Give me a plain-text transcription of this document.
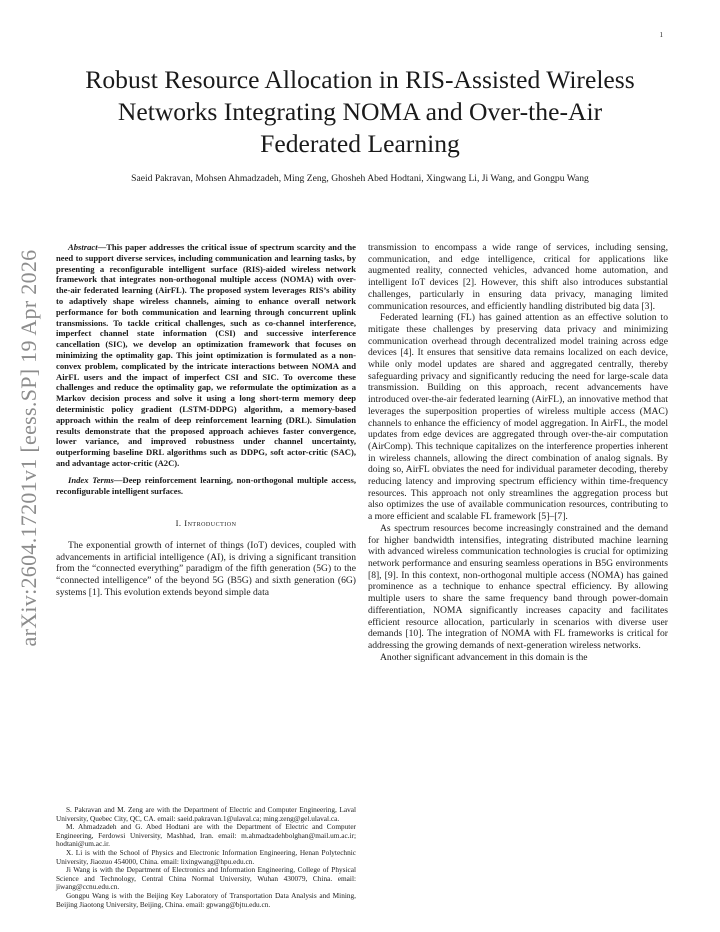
1
arXiv:2604.17201v1 [eess.SP] 19 Apr 2026
Robust Resource Allocation in RIS-Assisted Wireless Networks Integrating NOMA and Over-the-Air Federated Learning
Saeid Pakravan, Mohsen Ahmadzadeh, Ming Zeng, Ghosheh Abed Hodtani, Xingwang Li, Ji Wang, and Gongpu Wang

Abstract—This paper addresses the critical issue of spectrum scarcity and the need to support diverse services, including communication and learning tasks, by presenting a reconfigurable intelligent surface (RIS)-aided wireless network framework that integrates non-orthogonal multiple access (NOMA) with over-the-air federated learning (AirFL). The proposed system leverages RIS’s ability to adaptively shape wireless channels, aiming to enhance overall network performance for both communication and learning through concurrent uplink transmissions. To tackle critical challenges, such as co-channel interference, imperfect channel state information (CSI) and successive interference cancellation (SIC), we develop an optimization framework that focuses on minimizing the optimality gap. This joint optimization is formulated as a non-convex problem, complicated by the intricate interactions between NOMA and AirFL users and the impact of imperfect CSI and SIC. To overcome these challenges and reduce the optimality gap, we reformulate the optimization as a Markov decision process and solve it using a long short-term memory deep deterministic policy gradient (LSTM-DDPG) algorithm, a memory-based approach within the realm of deep reinforcement learning (DRL). Simulation results demonstrate that the proposed approach achieves faster convergence, lower variance, and improved robustness under channel uncertainty, outperforming baseline DRL algorithms such as DDPG, soft actor-critic (SAC), and advantage actor-critic (A2C).

Index Terms—Deep reinforcement learning, non-orthogonal multiple access, reconfigurable intelligent surfaces.

I. Introduction

The exponential growth of internet of things (IoT) devices, coupled with advancements in artificial intelligence (AI), is driving a significant transition from the “connected everything” paradigm of the fifth generation (5G) to the “connected intelligence” of the beyond 5G (B5G) and sixth generation (6G) systems [1]. This evolution extends beyond simple data

S. Pakravan and M. Zeng are with the Department of Electric and Computer Engineering, Laval University, Quebec City, QC, CA. email: saeid.pakravan.1@ulaval.ca; ming.zeng@gel.ulaval.ca.

M. Ahmadzadeh and G. Abed Hodtani are with the Department of Electric and Computer Engineering, Ferdowsi University, Mashhad, Iran. email: m.ahmadzadehbolghan@mail.um.ac.ir; hodtani@um.ac.ir.

X. Li is with the School of Physics and Electronic Information Engineering, Henan Polytechnic University, Jiaozuo 454000, China. email: lixingwang@hpu.edu.cn.

Ji Wang is with the Department of Electronics and Information Engineering, College of Physical Science and Technology, Central China Normal University, Wuhan 430079, China. email: jiwang@ccnu.edu.cn.

Gongpu Wang is with the Beijing Key Laboratory of Transportation Data Analysis and Mining, Beijing Jiaotong University, Beijing, China. email: gpwang@bjtu.edu.cn.

transmission to encompass a wide range of services, including sensing, communication, and edge intelligence, critical for applications like augmented reality, connected vehicles, advanced home automation, and intelligent IoT devices [2]. However, this shift also introduces substantial challenges, particularly in ensuring data privacy, managing limited communication resources, and efficiently handling distributed big data [3].

Federated learning (FL) has gained attention as an effective solution to mitigate these challenges by preserving data privacy and minimizing communication overhead through decentralized model training across edge devices [4]. It ensures that sensitive data remains localized on each device, while only model updates are shared and aggregated centrally, thereby safeguarding privacy and significantly reducing the need for large-scale data transmission. Building on this approach, recent advancements have introduced over-the-air federated learning (AirFL), an innovative method that leverages the superposition properties of wireless multiple access (MAC) channels to enhance the efficiency of model aggregation. In AirFL, the model updates from edge devices are aggregated through over-the-air computation (AirComp). This technique capitalizes on the interference properties inherent in wireless channels, allowing the direct combination of analog signals. By doing so, AirFL obviates the need for individual parameter decoding, thereby reducing latency and improving spectrum efficiency within time-frequency resources. This approach not only streamlines the aggregation process but also optimizes the use of available communication resources, contributing to a more efficient and scalable FL framework [5]–[7].

As spectrum resources become increasingly constrained and the demand for higher bandwidth intensifies, integrating distributed machine learning with advanced wireless communication technologies is crucial for optimizing network performance and ensuring seamless operations in B5G environments [8], [9]. In this context, non-orthogonal multiple access (NOMA) has gained prominence as a technique to enhance spectral efficiency. By allowing multiple users to share the same frequency band through power-domain differentiation, NOMA significantly increases capacity and facilitates efficient resource allocation, particularly in scenarios with diverse user demands [10]. The integration of NOMA with FL frameworks is critical for addressing the growing demands of next-generation wireless networks.

Another significant advancement in this domain is the
